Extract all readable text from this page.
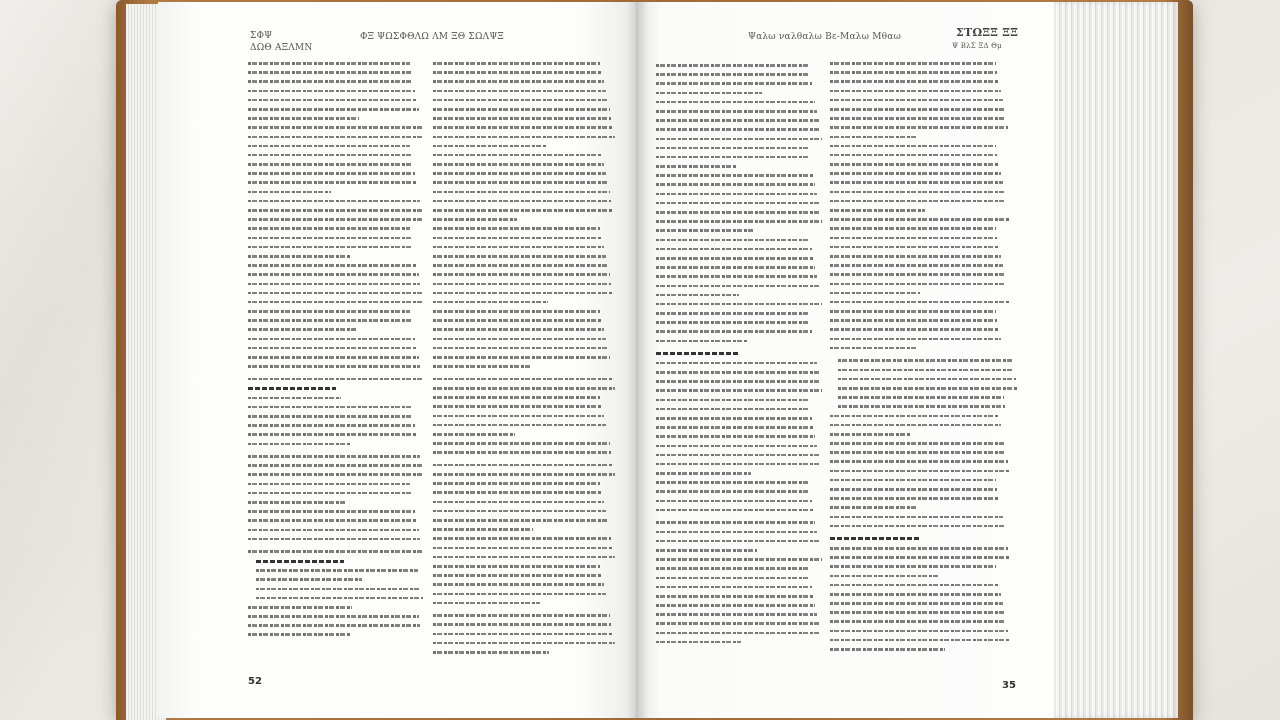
ΣΦΨ
ΔΩΘ ΑΞΛΜΝ
ΦΞ ΨΩΣΦΘΛΩ ΛΜ ΞΘ ΣΩΛΨΞ
52
Ψαλω ναλθαλω Βε-Μαλω Μθαω	ΣΤΩΞΞ ΞΞ
Ψ ΒλΣ ΞΔ Θμ
35
